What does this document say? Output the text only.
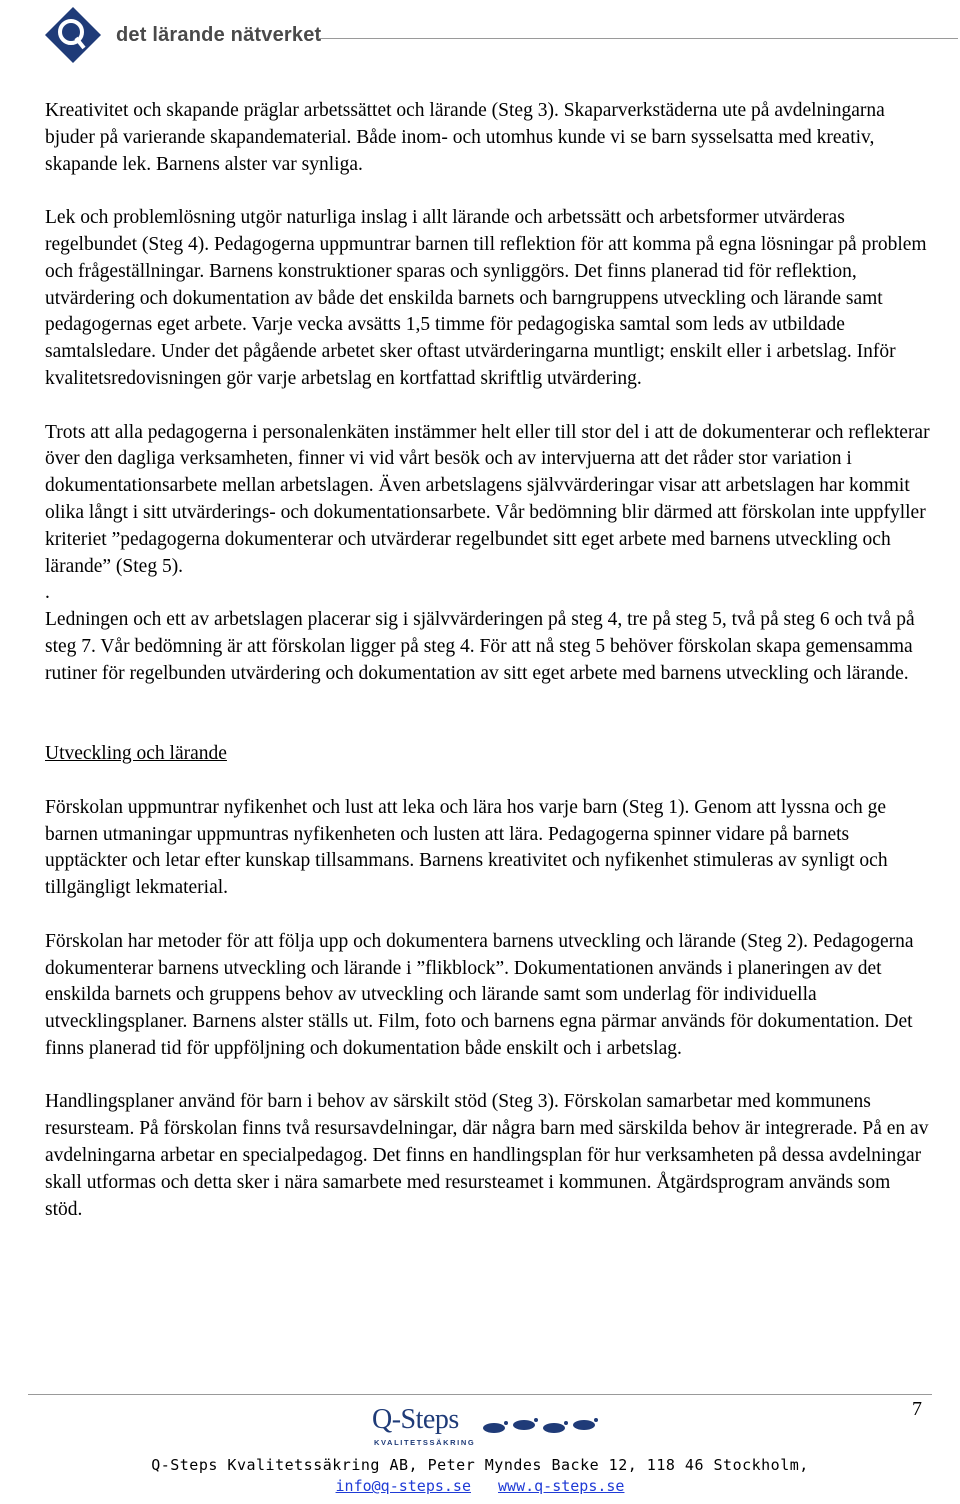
det lärande nätverket

Kreativitet och skapande präglar arbetssättet och lärande (Steg 3). Skaparverkstäderna ute på avdelningarna bjuder på varierande skapandematerial. Både inom- och utomhus kunde vi se barn sysselsatta med kreativ, skapande lek. Barnens alster var synliga.

Lek och problemlösning utgör naturliga inslag i allt lärande och arbetssätt och arbetsformer utvärderas regelbundet (Steg 4). Pedagogerna uppmuntrar barnen till reflektion för att komma på egna lösningar på problem och frågeställningar. Barnens konstruktioner sparas och synliggörs. Det finns planerad tid för reflektion, utvärdering och dokumentation av både det enskilda barnets och barngruppens utveckling och lärande samt pedagogernas eget arbete. Varje vecka avsätts 1,5 timme för pedagogiska samtal som leds av utbildade samtalsledare. Under det pågående arbetet sker oftast utvärderingarna muntligt; enskilt eller i arbetslag. Inför kvalitetsredovisningen gör varje arbetslag en kortfattad skriftlig utvärdering.

Trots att alla pedagogerna i personalenkäten instämmer helt eller till stor del i att de dokumenterar och reflekterar över den dagliga verksamheten, finner vi vid vårt besök och av intervjuerna att det råder stor variation i dokumentationsarbete mellan arbetslagen. Även arbetslagens självvärderingar visar att arbetslagen har kommit olika långt i sitt utvärderings- och dokumentationsarbete. Vår bedömning blir därmed att förskolan inte uppfyller kriteriet ”pedagogerna dokumenterar och utvärderar regelbundet sitt eget arbete med barnens utveckling och lärande” (Steg 5).

.

Ledningen och ett av arbetslagen placerar sig i självvärderingen på steg 4, tre på steg 5, två på steg 6 och två på steg 7. Vår bedömning är att förskolan ligger på steg 4. För att nå steg 5 behöver förskolan skapa gemensamma rutiner för regelbunden utvärdering och dokumentation av sitt eget arbete med barnens utveckling och lärande.

Utveckling och lärande

Förskolan uppmuntrar nyfikenhet och lust att leka och lära hos varje barn (Steg 1). Genom att lyssna och ge barnen utmaningar uppmuntras nyfikenheten och lusten att lära. Pedagogerna spinner vidare på barnets upptäckter och letar efter kunskap tillsammans. Barnens kreativitet och nyfikenhet stimuleras av synligt och tillgängligt lekmaterial.

Förskolan har metoder för att följa upp och dokumentera barnens utveckling och lärande (Steg 2). Pedagogerna dokumenterar barnens utveckling och lärande i ”flikblock”. Dokumentationen används i planeringen av det enskilda barnets och gruppens behov av utveckling och lärande samt som underlag för individuella utvecklingsplaner. Barnens alster ställs ut. Film, foto och barnens egna pärmar används för dokumentation. Det finns planerad tid för uppföljning och dokumentation både enskilt och i arbetslag.

Handlingsplaner använd för barn i behov av särskilt stöd (Steg 3). Förskolan samarbetar med kommunens resursteam. På förskolan finns två resursavdelningar, där några barn med särskilda behov är integrerade. På en av avdelningarna arbetar en specialpedagog. Det finns en handlingsplan för hur verksamheten på dessa avdelningar skall utformas och detta sker i nära samarbete med resursteamet i kommunen. Åtgärdsprogram används som stöd.

7
Q-Steps
KVALITETSSÄKRING
Q-Steps Kvalitetssäkring AB, Peter Myndes Backe 12, 118 46 Stockholm,
info@q-steps.se www.q-steps.se
